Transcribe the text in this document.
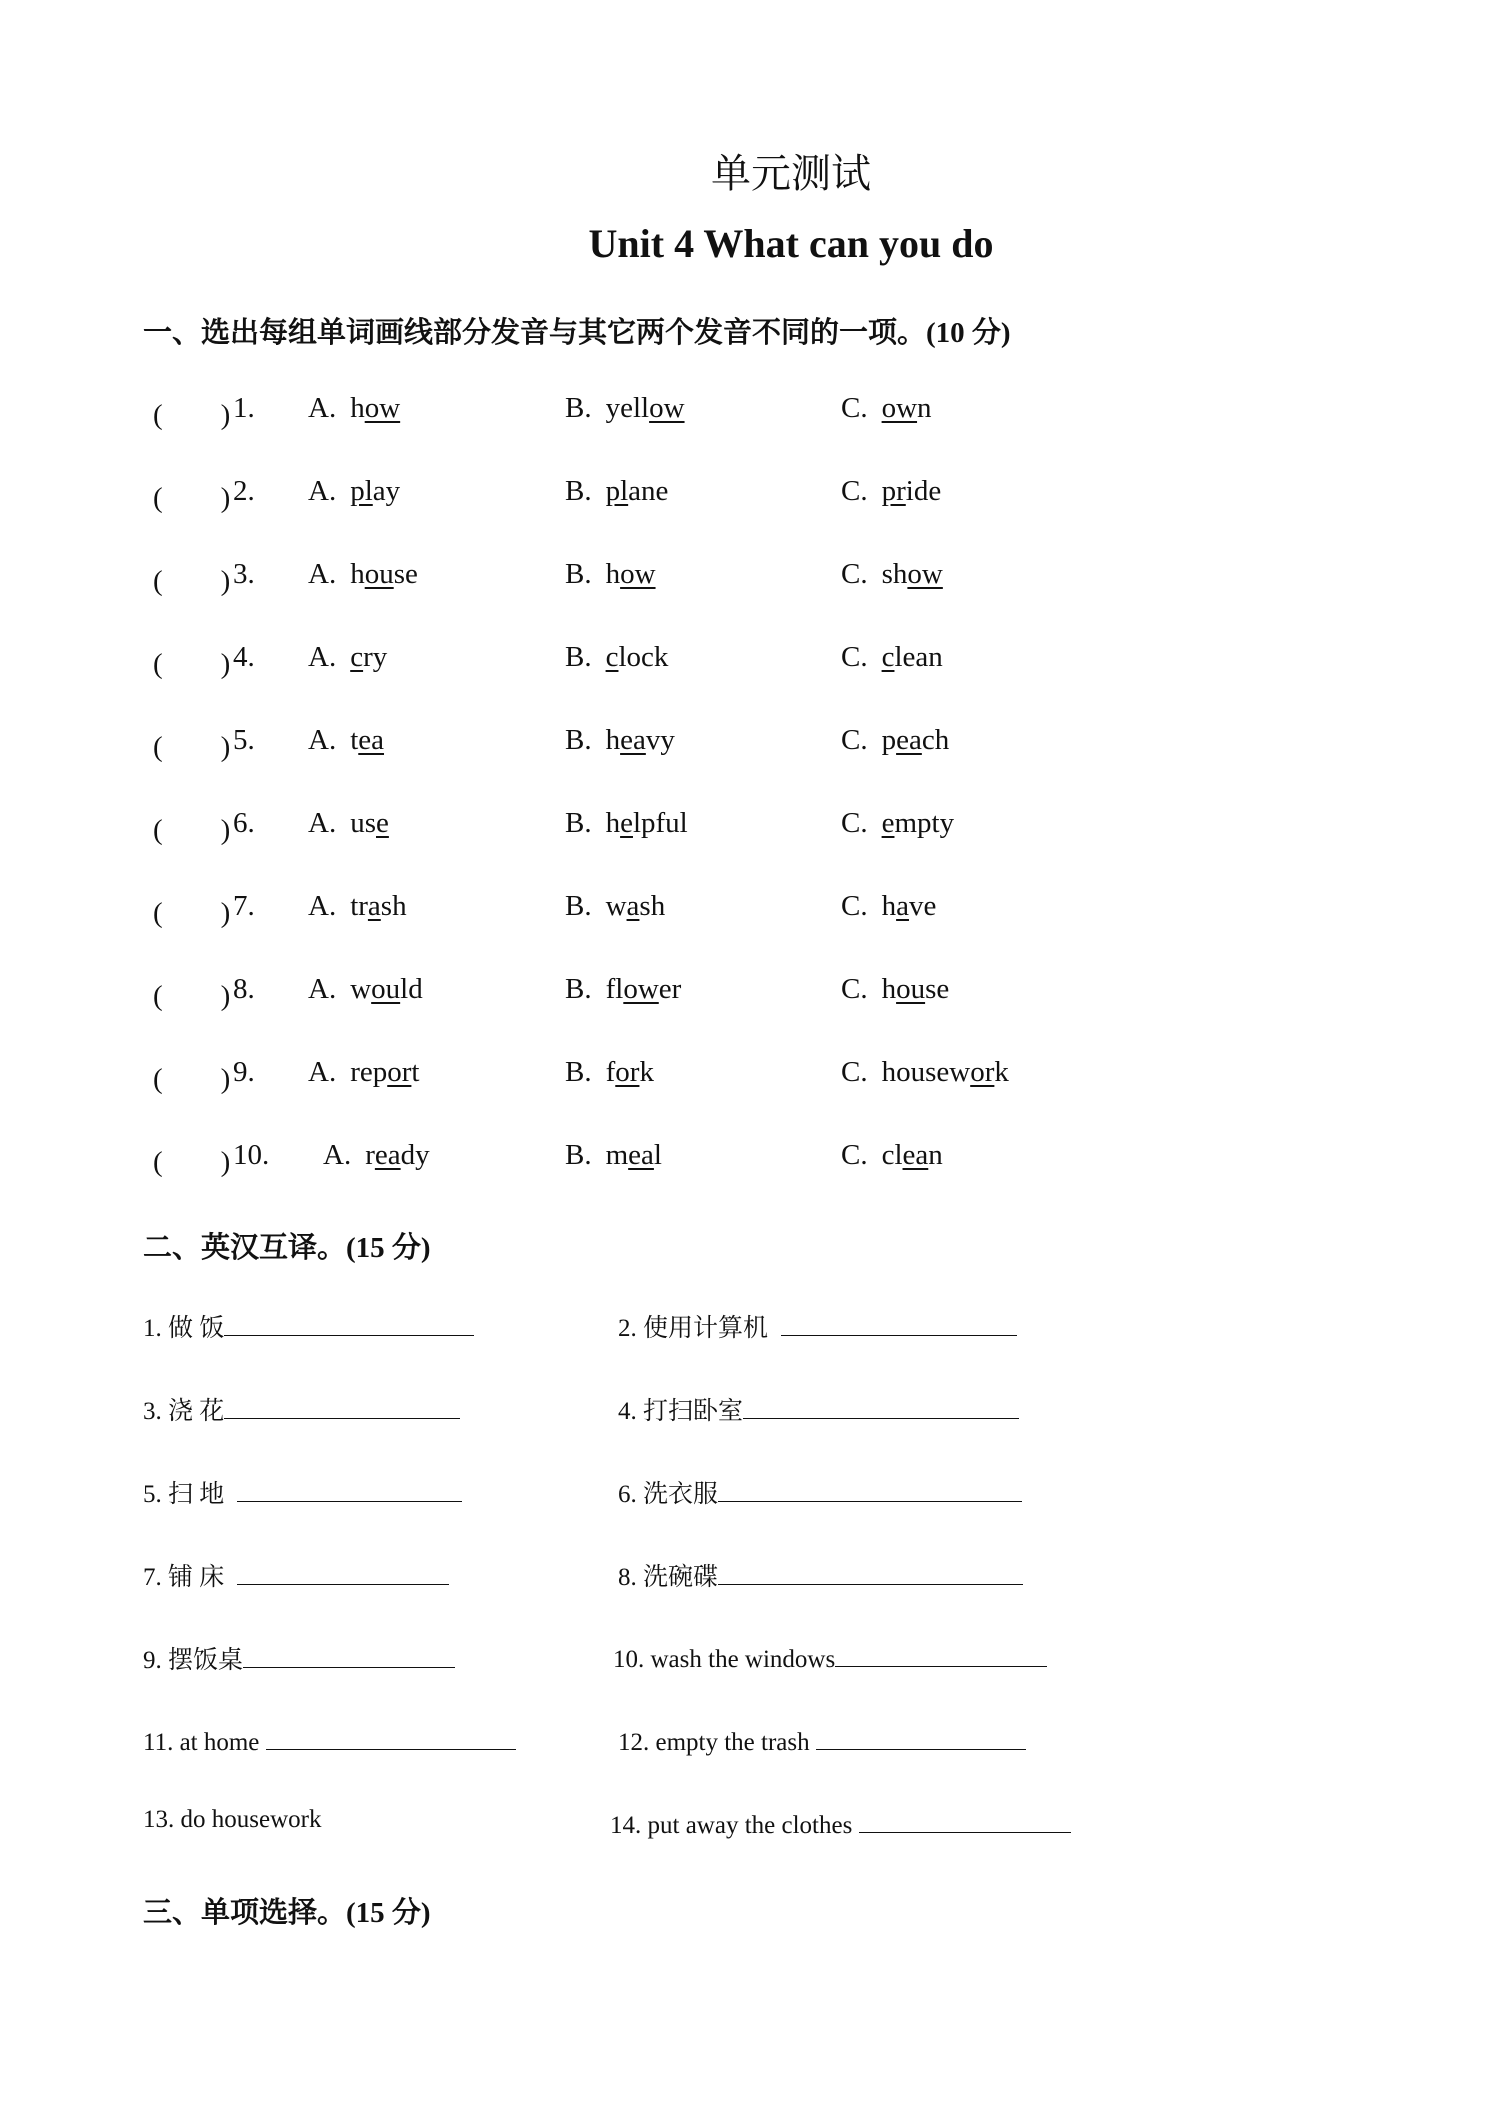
单元测试
Unit 4 What can you do
一、选出每组单词画线部分发音与其它两个发音不同的一项。(10 分)
(　　) 1. A. how	B. yellow	C. own
(　　) 2. A. play	B. plane	C. pride
(　　) 3. A. house	B. how	C. show
(　　) 4. A. cry	B. clock	C. clean
(　　) 5. A. tea	B. heavy	C. peach
(　　) 6. A. use	B. helpful	C. empty
(　　) 7. A. trash	B. wash	C. have
(　　) 8. A. would	B. flower	C. house
(　　) 9. A. report	B. fork	C. housework
(　　) 10. A. ready	B. meal	C. clean
二、英汉互译。(15 分)
1. 做 饭	2. 使用计算机
3. 浇 花	4. 打扫卧室
5. 扫 地	6. 洗衣服
7. 铺 床	8. 洗碗碟
9. 摆饭桌	10. wash the windows
11. at home	12. empty the trash
13. do housework	14. put away the clothes
三、单项选择。(15 分)
